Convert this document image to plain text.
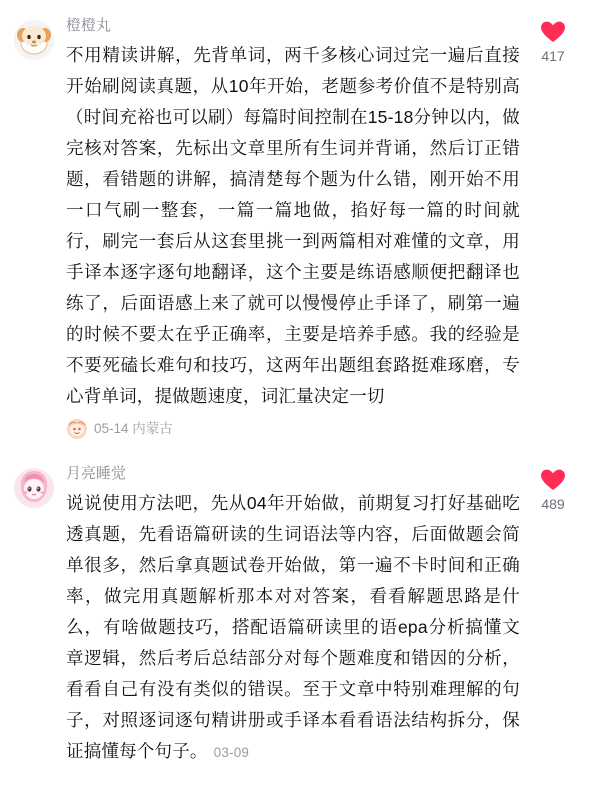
橙橙丸
不用精读讲解，先背单词，两千多核心词过完一遍后直接开始刷阅读真题，从10年开始，老题参考价值不是特别高（时间充裕也可以刷）每篇时间控制在15-18分钟以内，做完核对答案，先标出文章里所有生词并背诵，然后订正错题，看错题的讲解，搞清楚每个题为什么错，刚开始不用一口气刷一整套，一篇一篇地做，掐好每一篇的时间就行，刷完一套后从这套里挑一到两篇相对难懂的文章，用手译本逐字逐句地翻译，这个主要是练语感顺便把翻译也练了，后面语感上来了就可以慢慢停止手译了，刷第一遍的时候不要太在乎正确率，主要是培养手感。我的经验是不要死磕长难句和技巧，这两年出题组套路挺难琢磨，专心背单词，提做题速度，词汇量决定一切
05-14 内蒙古
417
月亮睡觉
说说使用方法吧，先从04年开始做，前期复习打好基础吃透真题，先看语篇研读的生词语法等内容，后面做题会简单很多，然后拿真题试卷开始做，第一遍不卡时间和正确率，做完用真题解析那本对对答案，看看解题思路是什么，有啥做题技巧，搭配语篇研读里的语ера分析搞懂文章逻辑，然后考后总结部分对每个题难度和错因的分析，看看自己有没有类似的错误。至于文章中特别难理解的句子，对照逐词逐句精讲册或手译本看看语法结构拆分，保证搞懂每个句子。 03-09
489
